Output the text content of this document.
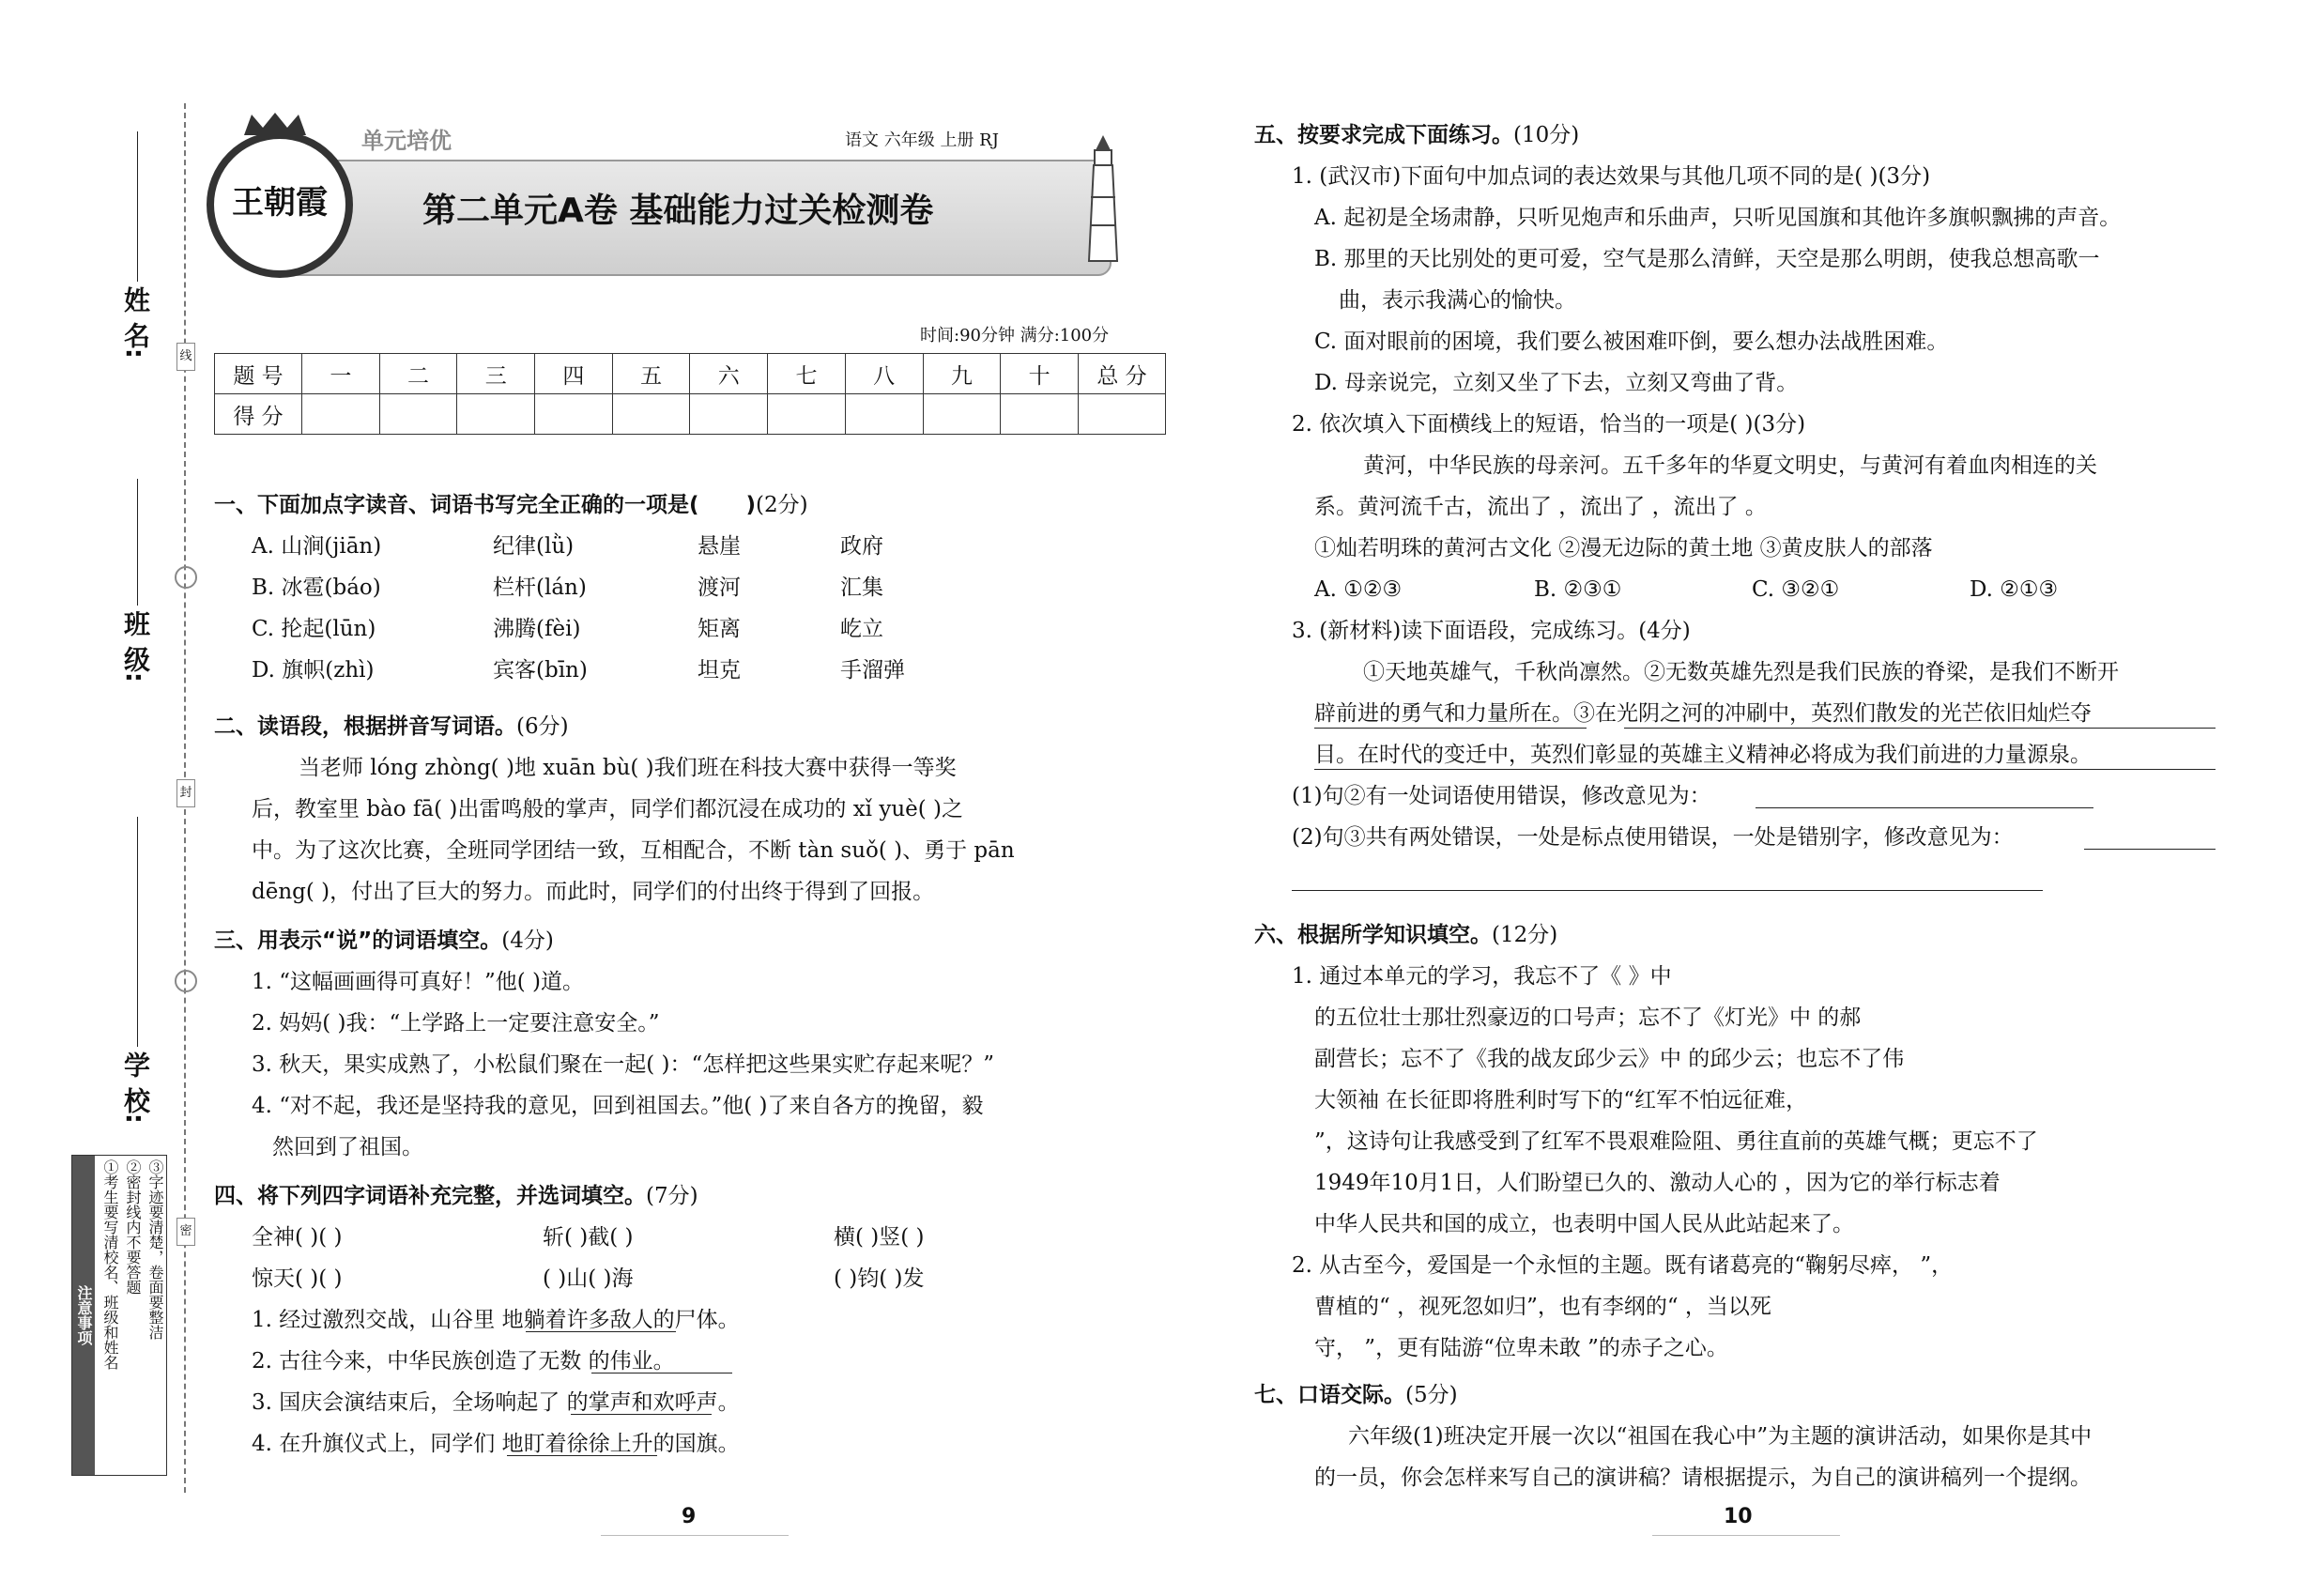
线
封
密
姓 名:
班 级:
学 校:
注意事项 ①考生要写清校名、班级和姓名 ②密封线内不要答题 ③字迹要清楚，卷面要整洁
王朝霞
单元培优	语文 六年级 上册 RJ
第二单元A卷 基础能力过关检测卷
时间:90分钟 满分:100分
题 号	一	二	三	四	五	六	七	八	九	十	总 分
得 分											
一、下面加点字读音、词语书写完全正确的一项是( )(2分)
A. 山涧(jiān)	纪律(lǜ)	悬崖	政府
B. 冰雹(báo)	栏杆(lán)	渡河	汇集
C. 抡起(lūn)	沸腾(fèi)	矩离	屹立
D. 旗帜(zhì)	宾客(bīn)	坦克	手溜弹
二、读语段，根据拼音写词语。(6分)
当老师 lóng zhòng( )地 xuān bù( )我们班在科技大赛中获得一等奖
后，教室里 bào fā( )出雷鸣般的掌声，同学们都沉浸在成功的 xǐ yuè( )之
中。为了这次比赛，全班同学团结一致，互相配合，不断 tàn suǒ( )、勇于 pān
dēng( )，付出了巨大的努力。而此时，同学们的付出终于得到了回报。
三、用表示“说”的词语填空。(4分)
1. “这幅画画得可真好！”他( )道。
2. 妈妈( )我：“上学路上一定要注意安全。”
3. 秋天，果实成熟了，小松鼠们聚在一起( )：“怎样把这些果实贮存起来呢？”
4. “对不起，我还是坚持我的意见，回到祖国去。”他( )了来自各方的挽留，毅
然回到了祖国。
四、将下列四字词语补充完整，并选词填空。(7分)
全神( )( )	斩( )截( )	横( )竖( )
惊天( )( )	( )山( )海	( )钧( )发
1. 经过激烈交战，山谷里 地躺着许多敌人的尸体。
2. 古往今来，中华民族创造了无数 的伟业。
3. 国庆会演结束后，全场响起了 的掌声和欢呼声。
4. 在升旗仪式上，同学们 地盯着徐徐上升的国旗。
9
五、按要求完成下面练习。(10分)
1. (武汉市)下面句中加点词的表达效果与其他几项不同的是( )(3分)
A. 起初是全场肃静，只听见炮声和乐曲声，只听见国旗和其他许多旗帜飘拂的声音。
B. 那里的天比别处的更可爱，空气是那么清鲜，天空是那么明朗，使我总想高歌一
曲，表示我满心的愉快。
C. 面对眼前的困境，我们要么被困难吓倒，要么想办法战胜困难。
D. 母亲说完，立刻又坐了下去，立刻又弯曲了背。
2. 依次填入下面横线上的短语，恰当的一项是( )(3分)
黄河，中华民族的母亲河。五千多年的华夏文明史，与黄河有着血肉相连的关
系。黄河流千古，流出了 ，流出了 ，流出了 。
①灿若明珠的黄河古文化 ②漫无边际的黄土地 ③黄皮肤人的部落
A. ①②③	B. ②③①	C. ③②①	D. ②①③
3. (新材料)读下面语段，完成练习。(4分)
①天地英雄气，千秋尚凛然。②无数英雄先烈是我们民族的脊梁，是我们不断开
辟前进的勇气和力量所在。③在光阴之河的冲刷中，英烈们散发的光芒依旧灿烂夺
目。在时代的变迁中，英烈们彰显的英雄主义精神必将成为我们前进的力量源泉。
(1)句②有一处词语使用错误，修改意见为：
(2)句③共有两处错误，一处是标点使用错误，一处是错别字，修改意见为：
六、根据所学知识填空。(12分)
1. 通过本单元的学习，我忘不了《 》中
的五位壮士那壮烈豪迈的口号声；忘不了《灯光》中 的郝
副营长；忘不了《我的战友邱少云》中 的邱少云；也忘不了伟
大领袖 在长征即将胜利时写下的“红军不怕远征难，
”，这诗句让我感受到了红军不畏艰难险阻、勇往直前的英雄气概；更忘不了
1949年10月1日，人们盼望已久的、激动人心的 ，因为它的举行标志着
中华人民共和国的成立，也表明中国人民从此站起来了。
2. 从古至今，爱国是一个永恒的主题。既有诸葛亮的“鞠躬尽瘁， ”，
曹植的“ ，视死忽如归”，也有李纲的“ ，当以死
守， ”，更有陆游“位卑未敢 ”的赤子之心。
七、口语交际。(5分)
六年级(1)班决定开展一次以“祖国在我心中”为主题的演讲活动，如果你是其中
的一员，你会怎样来写自己的演讲稿？请根据提示，为自己的演讲稿列一个提纲。
10
